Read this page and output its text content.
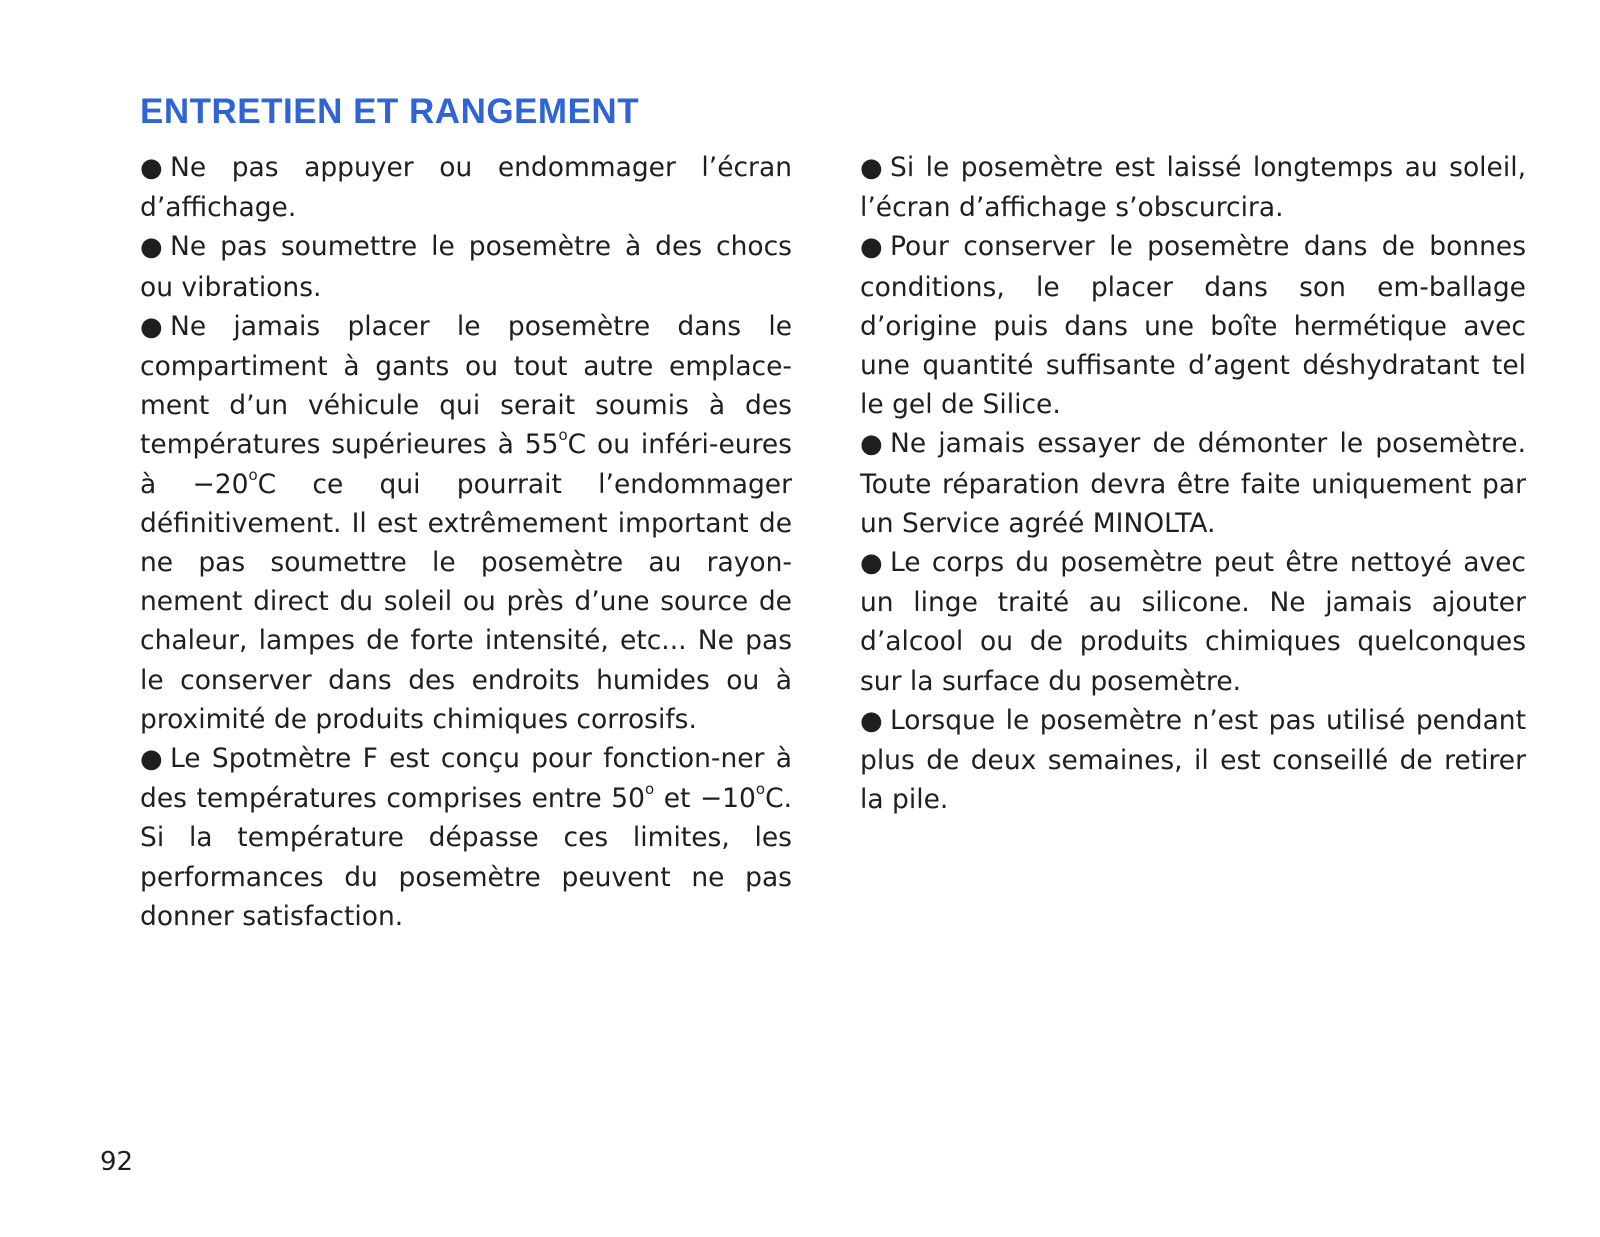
ENTRETIEN ET RANGEMENT

● Ne pas appuyer ou endommager l’écran d’affichage.

● Ne pas soumettre le posemètre à des chocs ou vibrations.

● Ne jamais placer le posemètre dans le compartiment à gants ou tout autre emplace-ment d’un véhicule qui serait soumis à des températures supérieures à 55$^o$C ou inféri-eures à $-20^oC$ ce qui pourrait l’endommager définitivement. Il est extrêmement important de ne pas soumettre le posemètre au rayon-nement direct du soleil ou près d’une source de chaleur, lampes de forte intensité, etc... Ne pas le conserver dans des endroits humides ou à proximité de produits chimiques corrosifs.

● Le Spotmètre F est conçu pour fonction-ner à des températures comprises entre 50$^o$ et $-10^oC$. Si la température dépasse ces limites, les performances du posemètre peuvent ne pas donner satisfaction.

● Si le posemètre est laissé longtemps au soleil, l’écran d’affichage s’obscurcira.

● Pour conserver le posemètre dans de bonnes conditions, le placer dans son em-ballage d’origine puis dans une boîte hermétique avec une quantité suffisante d’agent déshydratant tel le gel de Silice.

● Ne jamais essayer de démonter le posemètre. Toute réparation devra être faite uniquement par un Service agréé MINOLTA.

● Le corps du posemètre peut être nettoyé avec un linge traité au silicone. Ne jamais ajouter d’alcool ou de produits chimiques quelconques sur la surface du posemètre.

● Lorsque le posemètre n’est pas utilisé pendant plus de deux semaines, il est conseillé de retirer la pile.

92
